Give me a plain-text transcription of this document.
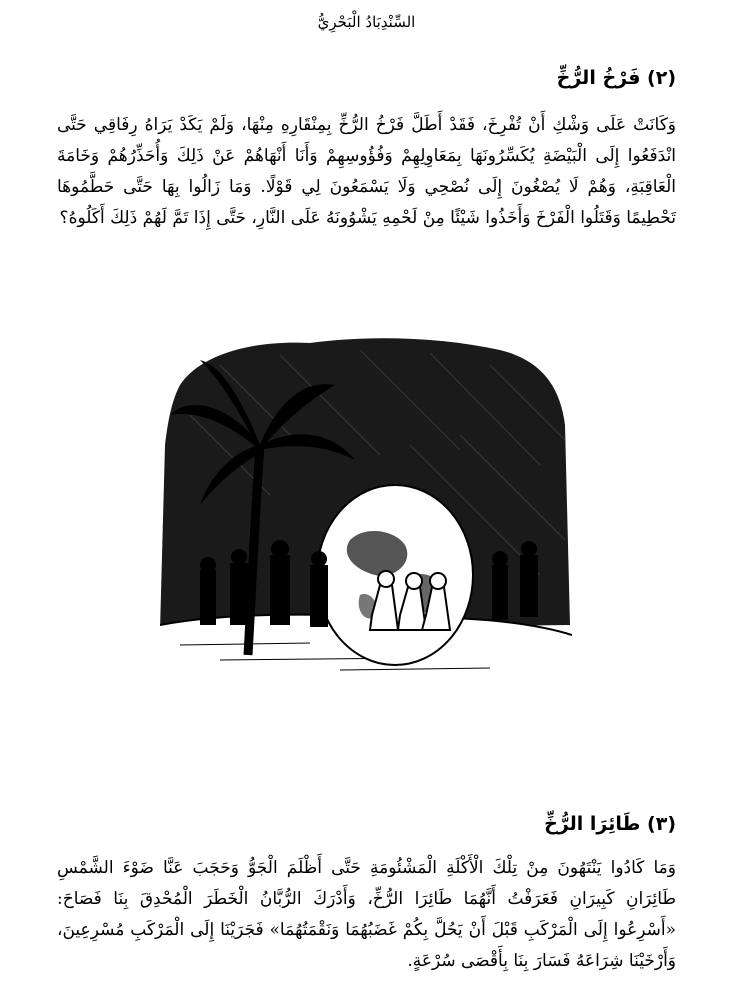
السِّنْدِبَادُ الْبَحْرِيُّ
(٢) فَرْخُ الرُّخِّ

وَكَانَتْ عَلَى وَشْكِ أَنْ تُفْرِخَ، فَقَدْ أَطَلَّ فَرْخُ الرُّخِّ بِمِنْقَارِهِ مِنْهَا، وَلَمْ يَكَدْ يَرَاهُ رِفَاقِي حَتَّى انْدَفَعُوا إِلَى الْبَيْضَةِ يُكَسِّرُونَهَا بِمَعَاوِلِهِمْ وَفُؤُوسِهِمْ وَأَنَا أَنْهَاهُمْ عَنْ ذَلِكَ وَأُحَذِّرُهُمْ وَخَامَةَ الْعَاقِبَةِ، وَهُمْ لَا يُصْغُونَ إِلَى نُصْحِي وَلَا يَسْمَعُونَ لِي قَوْلًا. وَمَا زَالُوا بِهَا حَتَّى حَطَّمُوهَا تَحْطِيمًا وَقَتَلُوا الْفَرْخَ وَأَخَذُوا شَيْئًا مِنْ لَحْمِهِ يَشْوُونَهُ عَلَى النَّارِ، حَتَّى إِذَا تَمَّ لَهُمْ ذَلِكَ أَكَلُوهُ؟

(٣) طَائِرَا الرُّخِّ

وَمَا كَادُوا يَنْتَهُونَ مِنْ تِلْكَ الْأَكْلَةِ الْمَشْئُومَةِ حَتَّى أَظْلَمَ الْجَوُّ وَحَجَبَ عَنَّا ضَوْءَ الشَّمْسِ طَائِرَانِ كَبِيرَانِ فَعَرَفْتُ أَنَّهُمَا طَائِرَا الرُّخِّ، وَأَدْرَكَ الرُّبَّانُ الْخَطَرَ الْمُحْدِقَ بِنَا فَصَاحَ: «أَسْرِعُوا إِلَى الْمَرْكَبِ قَبْلَ أَنْ يَحُلَّ بِكُمْ غَضَبُهُمَا وَنَقْمَتُهُمَا» فَجَرَيْنَا إِلَى الْمَرْكَبِ مُسْرِعِينَ، وَأَرْخَيْنَا شِرَاعَهُ فَسَارَ بِنَا بِأَقْصَى سُرْعَةٍ.
